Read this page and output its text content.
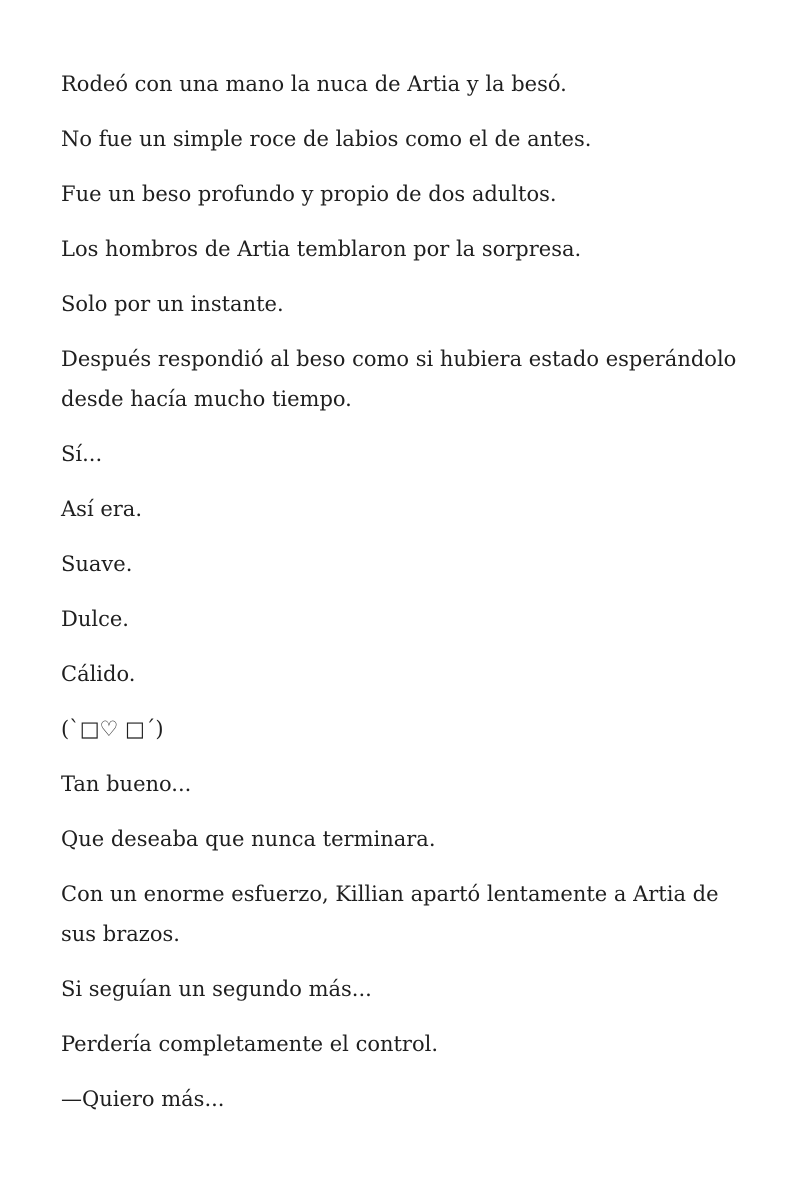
Rodeó con una mano la nuca de Artia y la besó.

No fue un simple roce de labios como el de antes.

Fue un beso profundo y propio de dos adultos.

Los hombros de Artia temblaron por la sorpresa.

Solo por un instante.

Después respondió al beso como si hubiera estado esperándolo desde hacía mucho tiempo.

Sí...

Así era.

Suave.

Dulce.

Cálido.

(`□♡ □´)

Tan bueno...

Que deseaba que nunca terminara.

Con un enorme esfuerzo, Killian apartó lentamente a Artia de sus brazos.

Si seguían un segundo más...

Perdería completamente el control.

—Quiero más...
